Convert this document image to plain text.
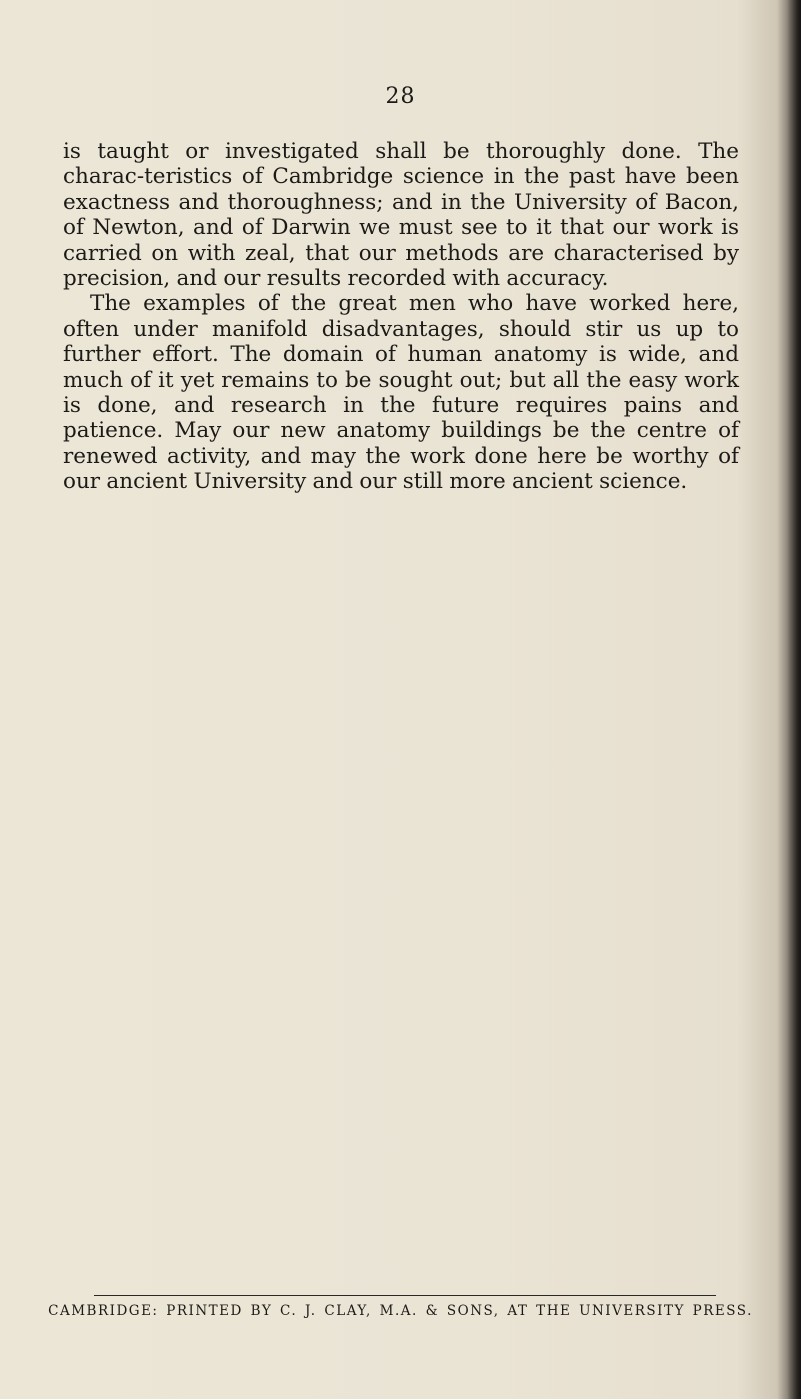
28

is taught or investigated shall be thoroughly done. The charac-teristics of Cambridge science in the past have been exactness and thoroughness; and in the University of Bacon, of Newton, and of Darwin we must see to it that our work is carried on with zeal, that our methods are characterised by precision, and our results recorded with accuracy.

The examples of the great men who have worked here, often under manifold disadvantages, should stir us up to further effort. The domain of human anatomy is wide, and much of it yet remains to be sought out; but all the easy work is done, and research in the future requires pains and patience. May our new anatomy buildings be the centre of renewed activity, and may the work done here be worthy of our ancient University and our still more ancient science.

CAMBRIDGE: PRINTED BY C. J. CLAY, M.A. & SONS, AT THE UNIVERSITY PRESS.
